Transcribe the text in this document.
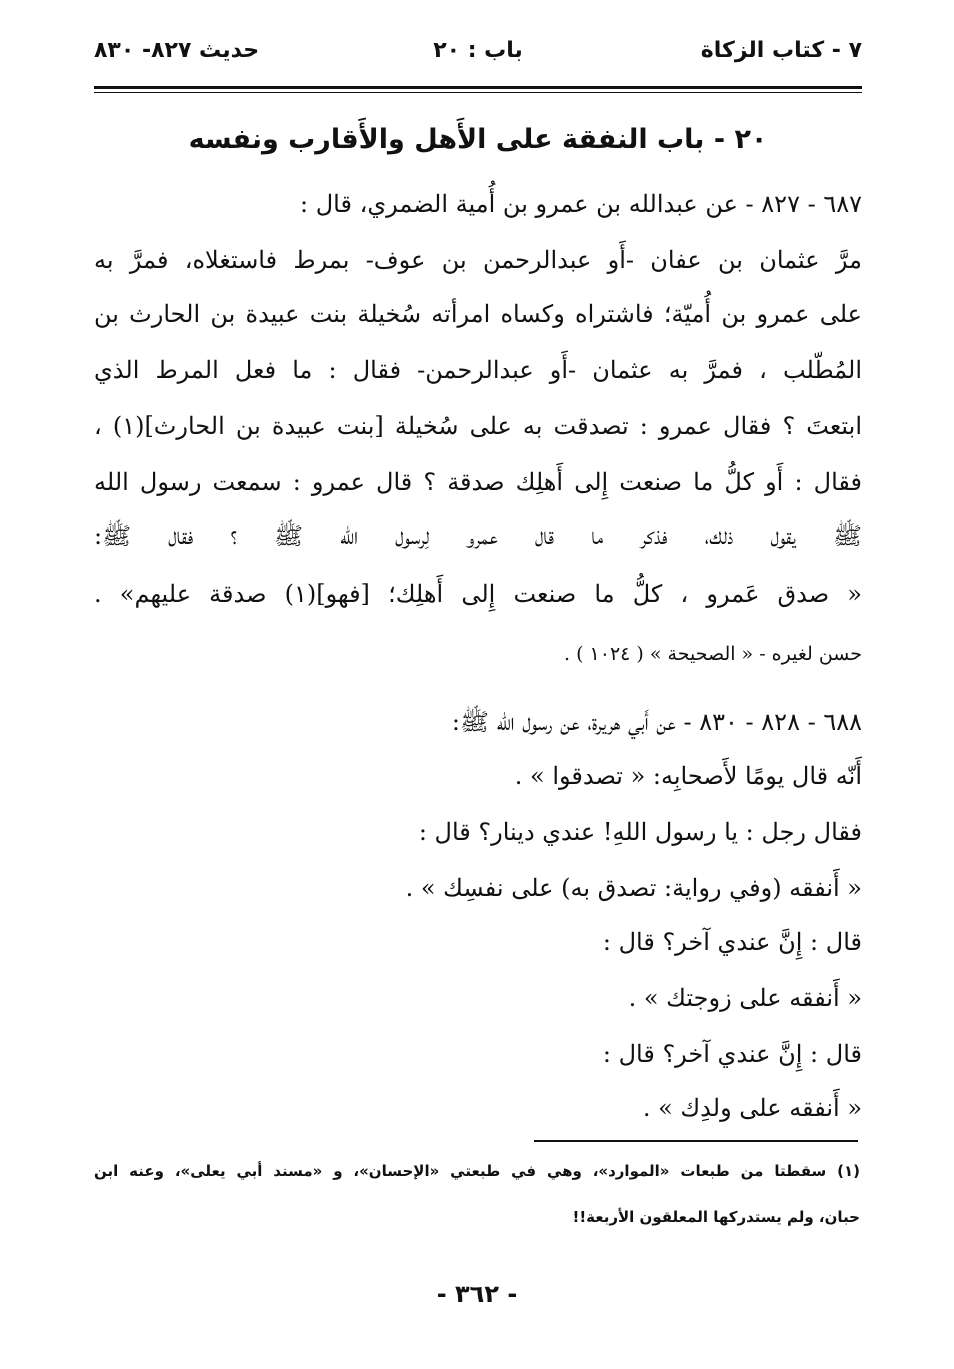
٧ - كتاب الزكاة
باب : ٢٠
حديث ٨٢٧- ٨٣٠
٢٠ - باب النفقة على الأَهل والأَقارب ونفسه
٦٨٧ - ٨٢٧ - عن عبدالله بن عمرو بن أُمية الضمري، قال :
مرَّ عثمان بن عفان -أَو عبدالرحمن بن عوف- بمرط فاستغلاه، فمرَّ به
على عمرو بن أُميّة؛ فاشتراه وكساه امرأته سُخيلة بنت عبيدة بن الحارث بن
المُطّلب ، فمرَّ به عثمان -أَو عبدالرحمن- فقال : ما فعل المرط الذي
ابتعتَ ؟ فقال عمرو : تصدقت به على سُخيلة [بنت عبيدة بن الحارث](١) ،
فقال : أَو كلُّ ما صنعت إِلى أَهلِك صدقة ؟ قال عمرو : سمعت رسول الله
ﷺ يقول ذلك، فذكر ما قال عمرو لِرسول الله ﷺ ؟ فقال ﷺ:
« صدق عَمرو ، كلُّ ما صنعت إِلى أَهلِك؛ [فهو](١) صدقة عليهم» .
حسن لغيره - « الصحيحة » ( ١٠٢٤ ) .
٦٨٨ - ٨٢٨ - ٨٣٠ - عن أَبي هريرة، عن رسول الله ﷺ:
أَنّه قال يومًا لأَصحابِه: « تصدقوا » .
فقال رجل : يا رسول اللهِ! عندي دينار؟ قال :
« أَنفقه (وفي رواية: تصدق به) على نفسِك » .
قال : إِنَّ عندي آخر؟ قال :
« أَنفقه على زوجتك » .
قال : إِنَّ عندي آخر؟ قال :
« أَنفقه على ولدِك » .
(١) سقطتا من طبعات «الموارد»، وهي في طبعتي «الإحسان»، و «مسند أبي يعلى»، وعنه ابن
حبان، ولم يستدركها المعلقون الأربعة!!
- ٣٦٢ -
